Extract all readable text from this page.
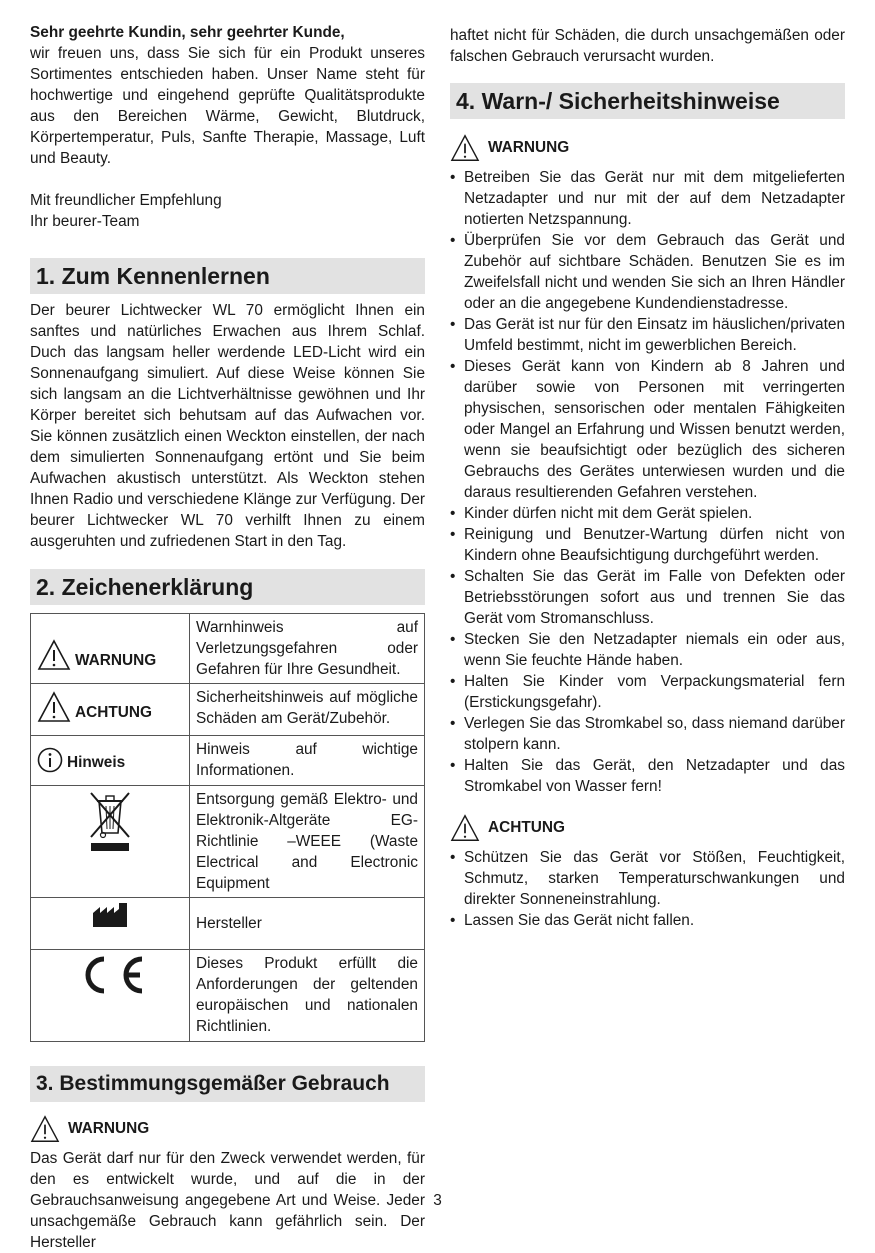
Sehr geehrte Kundin, sehr geehrter Kunde,

wir freuen uns, dass Sie sich für ein Produkt unseres Sortimentes entschieden haben. Unser Name steht für hochwertige und eingehend geprüfte Qualitätsprodukte aus den Bereichen Wärme, Gewicht, Blutdruck, Körpertemperatur, Puls, Sanfte Therapie, Massage, Luft und Beauty.

Mit freundlicher Empfehlung

Ihr beurer-Team

1. Zum Kennenlernen

Der beurer Lichtwecker WL 70 ermöglicht Ihnen ein sanftes und natürliches Erwachen aus Ihrem Schlaf. Duch das langsam heller werdende LED-Licht wird ein Sonnenaufgang simuliert. Auf diese Weise können Sie sich langsam an die Lichtverhältnisse gewöhnen und Ihr Körper bereitet sich behutsam auf das Aufwachen vor. Sie können zusätzlich einen Weckton einstellen, der nach dem simulierten Sonnenaufgang ertönt und Sie beim Aufwachen akustisch unterstützt. Als Weckton stehen Ihnen Radio und verschiedene Klänge zur Verfügung. Der beurer Lichtwecker WL 70 verhilft Ihnen zu einem ausgeruhten und zufriedenen Start in den Tag.

2. Zeichenerklärung
WARNUNG	Warnhinweis auf Verletzungsgefahren oder Gefahren für Ihre Gesundheit.

ACHTUNG	Sicherheitshinweis auf mögliche Schäden am Gerät/Zubehör.

Hinweis	Hinweis auf wichtige Informationen.
	Entsorgung gemäß Elektro- und Elektronik-Altgeräte EG-Richtlinie –WEEE (Waste Electrical and Electronic Equipment
	Hersteller
	Dieses Produkt erfüllt die Anforderungen der geltenden europäischen und nationalen Richtlinien.
3. Bestimmungsgemäßer Gebrauch
WARNUNG

Das Gerät darf nur für den Zweck verwendet werden, für den es entwickelt wurde, und auf die in der Gebrauchsanweisung angegebene Art und Weise. Jeder unsachgemäße Gebrauch kann gefährlich sein. Der Hersteller

haftet nicht für Schäden, die durch unsachgemäßen oder falschen Gebrauch verursacht wurden.

4. Warn-/ Sicherheitshinweise
WARNUNG
• Betreiben Sie das Gerät nur mit dem mitgelieferten Netzadapter und nur mit der auf dem Netzadapter notierten Netzspannung.
• Überprüfen Sie vor dem Gebrauch das Gerät und Zubehör auf sichtbare Schäden. Benutzen Sie es im Zweifelsfall nicht und wenden Sie sich an Ihren Händler oder an die angegebene Kundendienstadresse.
• Das Gerät ist nur für den Einsatz im häuslichen/privaten Umfeld bestimmt, nicht im gewerblichen Bereich.
• Dieses Gerät kann von Kindern ab 8 Jahren und darüber sowie von Personen mit verringerten physischen, sensorischen oder mentalen Fähigkeiten oder Mangel an Erfahrung und Wissen benutzt werden, wenn sie beaufsichtigt oder bezüglich des sicheren Gebrauchs des Gerätes unterwiesen wurden und die daraus resultierenden Gefahren verstehen.
• Kinder dürfen nicht mit dem Gerät spielen.
• Reinigung und Benutzer-Wartung dürfen nicht von Kindern ohne Beaufsichtigung durchgeführt werden.
• Schalten Sie das Gerät im Falle von Defekten oder Betriebsstörungen sofort aus und trennen Sie das Gerät vom Stromanschluss.
• Stecken Sie den Netzadapter niemals ein oder aus, wenn Sie feuchte Hände haben.
• Halten Sie Kinder vom Verpackungsmaterial fern (Erstickungsgefahr).
• Verlegen Sie das Stromkabel so, dass niemand darüber stolpern kann.
• Halten Sie das Gerät, den Netzadapter und das Stromkabel von Wasser fern!
ACHTUNG
• Schützen Sie das Gerät vor Stößen, Feuchtigkeit, Schmutz, starken Temperaturschwankungen und direkter Sonneneinstrahlung.
• Lassen Sie das Gerät nicht fallen.
3
